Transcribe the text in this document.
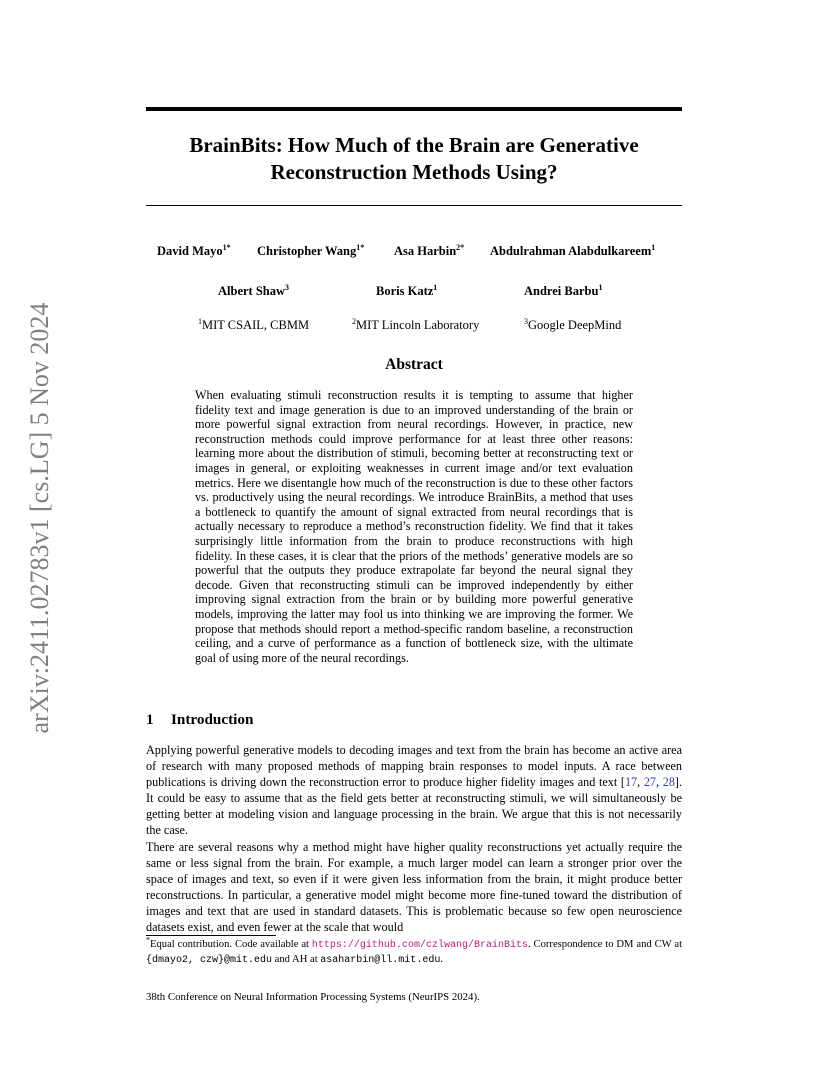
arXiv:2411.02783v1 [cs.LG] 5 Nov 2024
BrainBits: How Much of the Brain are Generative
Reconstruction Methods Using?
David Mayo$^{1*}$ Christopher Wang$^{1*}$ Asa Harbin$^{2*}$ Abdulrahman Alabdulkareem$^1$
Albert Shaw$^3$	Boris Katz$^1$	Andrei Barbu$^1$
$^1$MIT CSAIL, CBMM	$^2$MIT Lincoln Laboratory	$^3$Google DeepMind
Abstract
When evaluating stimuli reconstruction results it is tempting to assume that higher fidelity text and image generation is due to an improved understanding of the brain or more powerful signal extraction from neural recordings. However, in practice, new reconstruction methods could improve performance for at least three other reasons: learning more about the distribution of stimuli, becoming better at reconstructing text or images in general, or exploiting weaknesses in current image and/or text evaluation metrics. Here we disentangle how much of the reconstruction is due to these other factors vs. productively using the neural recordings. We introduce BrainBits, a method that uses a bottleneck to quantify the amount of signal extracted from neural recordings that is actually necessary to reproduce a method’s reconstruction fidelity. We find that it takes surprisingly little information from the brain to produce reconstructions with high fidelity. In these cases, it is clear that the priors of the methods’ generative models are so powerful that the outputs they produce extrapolate far beyond the neural signal they decode. Given that reconstructing stimuli can be improved independently by either improving signal extraction from the brain or by building more powerful generative models, improving the latter may fool us into thinking we are improving the former. We propose that methods should report a method-specific random baseline, a reconstruction ceiling, and a curve of performance as a function of bottleneck size, with the ultimate goal of using more of the neural recordings.
1 Introduction

Applying powerful generative models to decoding images and text from the brain has become an active area of research with many proposed methods of mapping brain responses to model inputs. A race between publications is driving down the reconstruction error to produce higher fidelity images and text [17, 27, 28]. It could be easy to assume that as the field gets better at reconstructing stimuli, we will simultaneously be getting better at modeling vision and language processing in the brain. We argue that this is not necessarily the case.

There are several reasons why a method might have higher quality reconstructions yet actually require the same or less signal from the brain. For example, a much larger model can learn a stronger prior over the space of images and text, so even if it were given less information from the brain, it might produce better reconstructions. In particular, a generative model might become more fine-tuned toward the distribution of images and text that are used in standard datasets. This is problematic because so few open neuroscience datasets exist, and even fewer at the scale that would

*Equal contribution. Code available at https://github.com/czlwang/BrainBits. Correspondence to DM and CW at {dmayo2, czw}@mit.edu and AH at asaharbin@ll.mit.edu.
38th Conference on Neural Information Processing Systems (NeurIPS 2024).
